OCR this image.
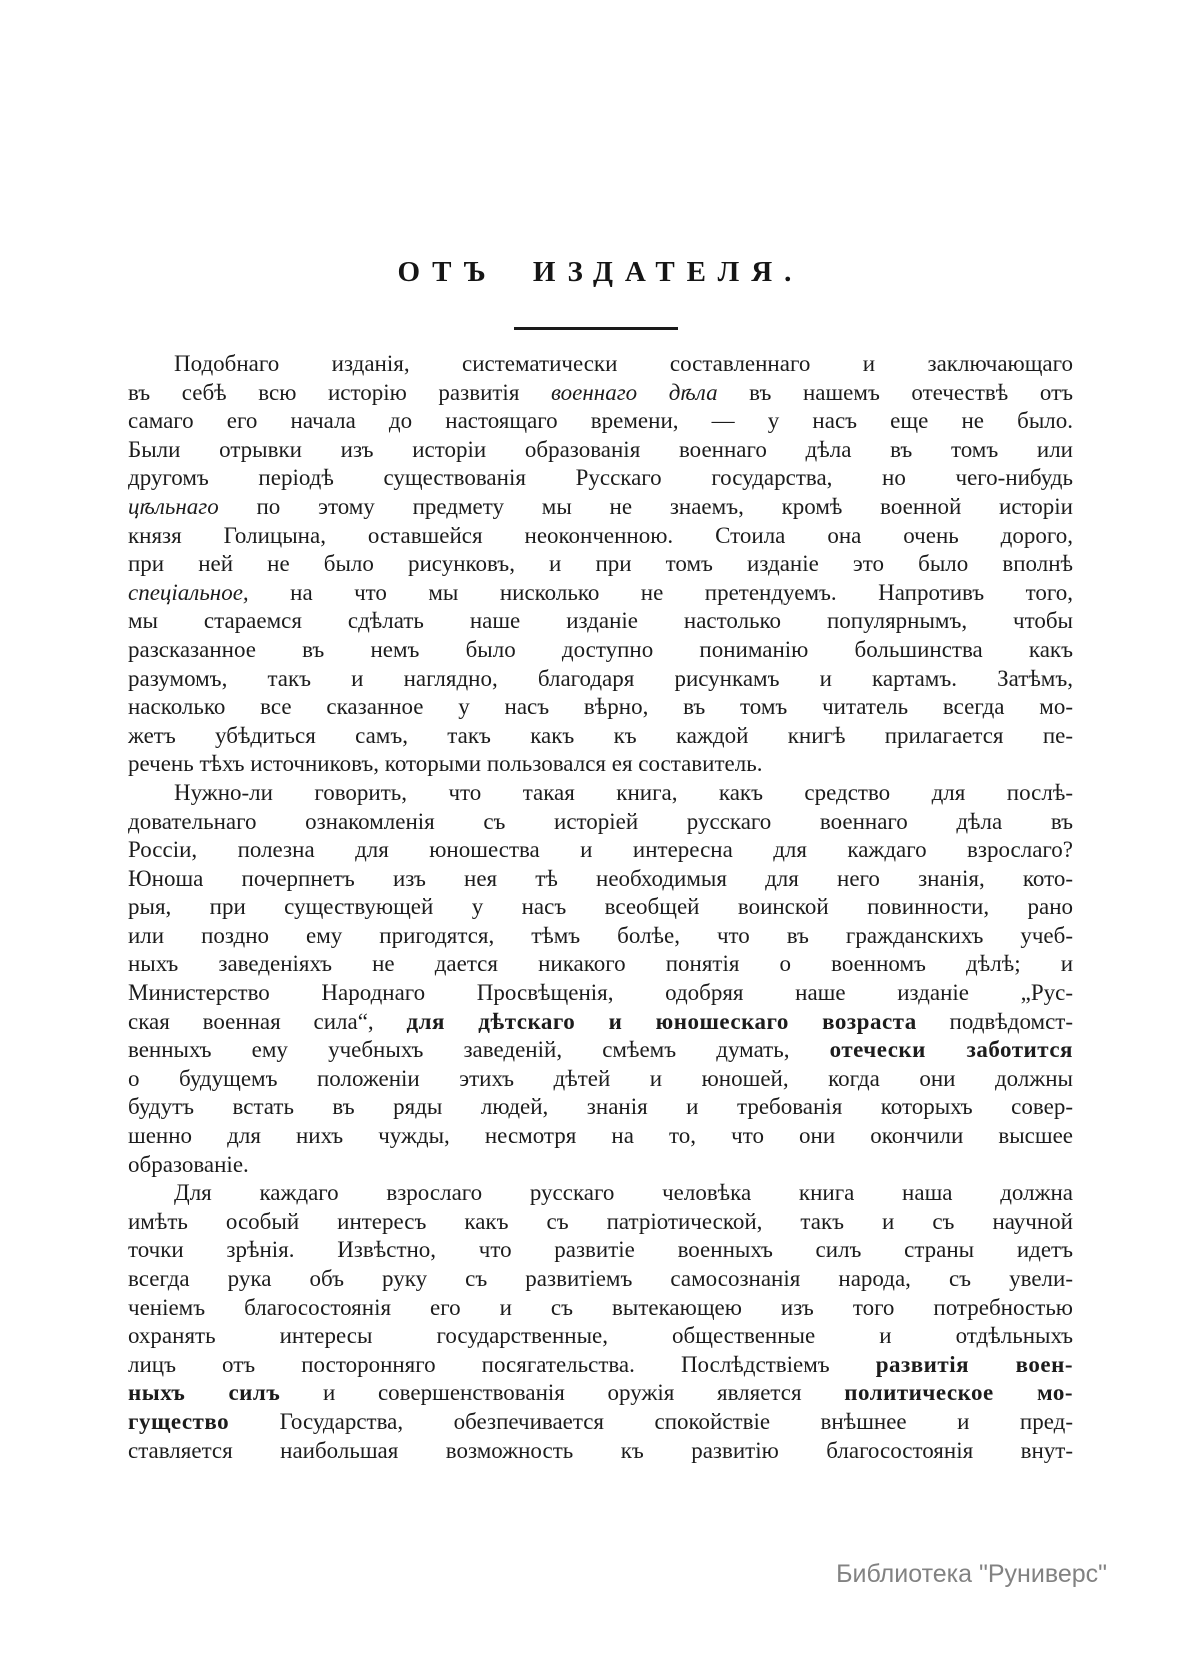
ОТЪ ИЗДАТЕЛЯ.
Подобнаго изданія, систематически составленнаго и заключающаго
въ себѣ всю исторію развитія военнаго дѣла въ нашемъ отечествѣ отъ
самаго его начала до настоящаго времени, — у насъ еще не было.
Были отрывки изъ исторіи образованія военнаго дѣла въ томъ или
другомъ періодѣ существованія Русскаго государства, но чего-нибудь
цѣльнаго по этому предмету мы не знаемъ, кромѣ военной исторіи
князя Голицына, оставшейся неоконченною. Стоила она очень дорого,
при ней не было рисунковъ, и при томъ изданіе это было вполнѣ
спеціальное, на что мы нисколько не претендуемъ. Напротивъ того,
мы стараемся сдѣлать наше изданіе настолько популярнымъ, чтобы
разсказанное въ немъ было доступно пониманію большинства какъ
разумомъ, такъ и наглядно, благодаря рисункамъ и картамъ. Затѣмъ,
насколько все сказанное у насъ вѣрно, въ томъ читатель всегда мо-
жетъ убѣдиться самъ, такъ какъ къ каждой книгѣ прилагается пе-
речень тѣхъ источниковъ, которыми пользовался ея составитель.
Нужно-ли говорить, что такая книга, какъ средство для послѣ-
довательнаго ознакомленія съ исторіей русскаго военнаго дѣла въ
Россіи, полезна для юношества и интересна для каждаго взрослаго?
Юноша почерпнетъ изъ нея тѣ необходимыя для него знанія, кото-
рыя, при существующей у насъ всеобщей воинской повинности, рано
или поздно ему пригодятся, тѣмъ болѣе, что въ гражданскихъ учеб-
ныхъ заведеніяхъ не дается никакого понятія о военномъ дѣлѣ; и
Министерство Народнаго Просвѣщенія, одобряя наше изданіе „Рус-
ская военная сила“, для дѣтскаго и юношескаго возраста подвѣдомст-
венныхъ ему учебныхъ заведеній, смѣемъ думать, отечески заботится
о будущемъ положеніи этихъ дѣтей и юношей, когда они должны
будутъ встать въ ряды людей, знанія и требованія которыхъ совер-
шенно для нихъ чужды, несмотря на то, что они окончили высшее
образованіе.
Для каждаго взрослаго русскаго человѣка книга наша должна
имѣть особый интересъ какъ съ патріотической, такъ и съ научной
точки зрѣнія. Извѣстно, что развитіе военныхъ силъ страны идетъ
всегда рука объ руку съ развитіемъ самосознанія народа, съ увели-
ченіемъ благосостоянія его и съ вытекающею изъ того потребностью
охранять интересы государственные, общественные и отдѣльныхъ
лицъ отъ посторонняго посягательства. Послѣдствіемъ развитія воен-
ныхъ силъ и совершенствованія оружія является политическое мо-
гущество Государства, обезпечивается спокойствіе внѣшнее и пред-
ставляется наибольшая возможность къ развитію благосостоянія внут-
Библиотека "Руниверс"
